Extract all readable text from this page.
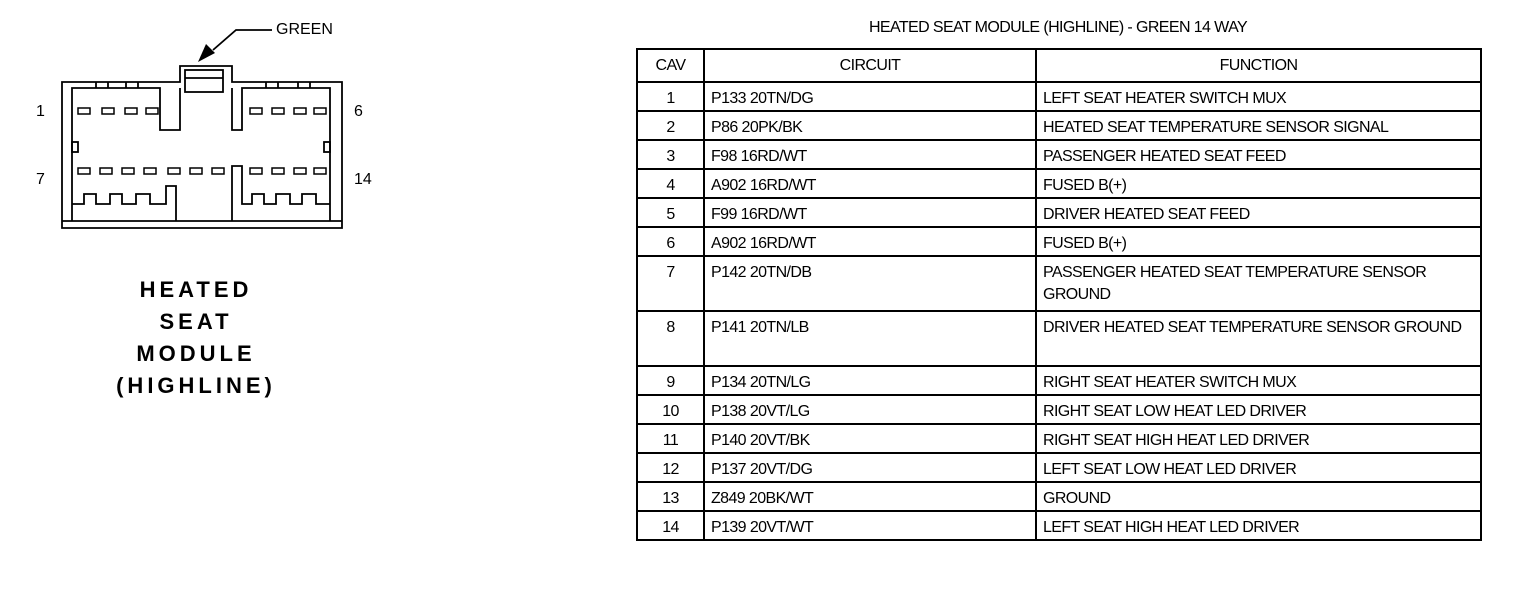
GREEN
1	6
7	14
HEATED
SEAT
MODULE
(HIGHLINE)
HEATED SEAT MODULE (HIGHLINE) - GREEN 14 WAY
CAV	CIRCUIT	FUNCTION
1	P133 20TN/DG	LEFT SEAT HEATER SWITCH MUX
2	P86 20PK/BK	HEATED SEAT TEMPERATURE SENSOR SIGNAL
3	F98 16RD/WT	PASSENGER HEATED SEAT FEED
4	A902 16RD/WT	FUSED B(+)
5	F99 16RD/WT	DRIVER HEATED SEAT FEED
6	A902 16RD/WT	FUSED B(+)
7	P142 20TN/DB	PASSENGER HEATED SEAT TEMPERATURE SENSOR GROUND
8	P141 20TN/LB	DRIVER HEATED SEAT TEMPERATURE SENSOR GROUND
9	P134 20TN/LG	RIGHT SEAT HEATER SWITCH MUX
10	P138 20VT/LG	RIGHT SEAT LOW HEAT LED DRIVER
11	P140 20VT/BK	RIGHT SEAT HIGH HEAT LED DRIVER
12	P137 20VT/DG	LEFT SEAT LOW HEAT LED DRIVER
13	Z849 20BK/WT	GROUND
14	P139 20VT/WT	LEFT SEAT HIGH HEAT LED DRIVER
